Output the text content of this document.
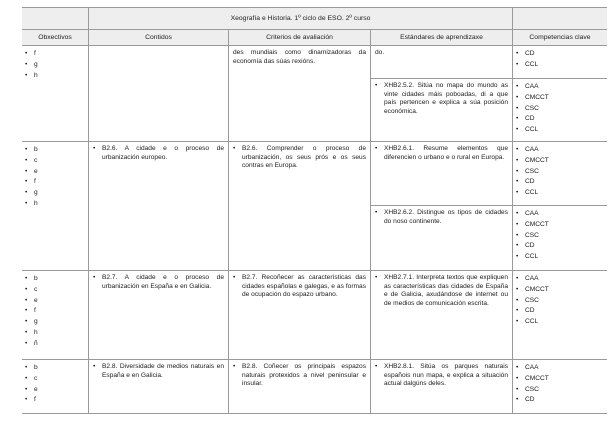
Xeografía e Historia. 1º ciclo de ESO. 2º curso
Obxectivos	Contidos	Criterios de avaliación	Estándares de aprendizaxe	Competencias clave
• f
• g
• h
des mundiais como dinamizadoras da economía das súas rexións.
do.
•	CD
• CCL
• XHB2.5.2. Sitúa no mapa do mundo as vinte cidades máis poboadas, di a que país pertencen e explica a súa posición económica.
• CAA
• CMCCT
• CSC
• CD
• CCL
• b
• c
• e
• f
• g
• h
• B2.6. A cidade e o proceso de urbanización europeo.
• B2.6. Comprender o proceso de urbanización, os seus prós e os seus contras en Europa.
• XHB2.6.1. Resume elementos que diferencien o urbano e o rural en Europa.
• CAA
• CMCCT
• CSC
• CD
• CCL
• XHB2.6.2. Distingue os tipos de cidades do noso continente.
• CAA
• CMCCT
• CSC
• CD
• CCL
• b
• c
• e
• f
• g
• h
• ñ
• B2.7. A cidade e o proceso de urbanización en España e en Galicia.
• B2.7. Recoñecer as características das cidades españolas e galegas, e as formas de ocupación do espazo urbano.
• XHB2.7.1. Interpreta textos que expliquen as características das cidades de España e de Galicia, axudándose de internet ou de medios de comunicación escrita.
• CAA
• CMCCT
• CSC
• CD
• CCL
• b
• c
• e
• f
• B2.8. Diversidade de medios naturais en España e en Galicia.
• B2.8. Coñecer os principais espazos naturais protexidos a nivel peninsular e insular.
• XHB2.8.1. Sitúa os parques naturais españois nun mapa, e explica a situación actual dalgúns deles.
• CAA
• CMCCT
• CSC
• CD
